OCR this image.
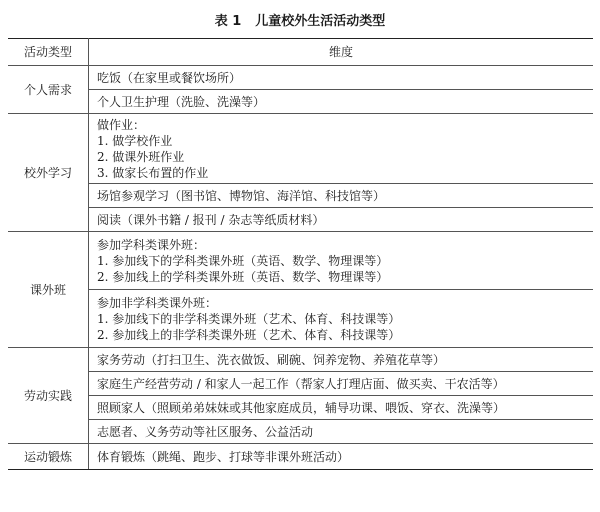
表 1 儿童校外生活活动类型
活动类型	维度
个人需求	吃饭（在家里或餐饮场所）

	个人卫生护理（洗脸、洗澡等）

校外学习	做作业：
1. 做学校作业
2. 做课外班作业
3. 做家长布置的作业

	场馆参观学习（图书馆、博物馆、海洋馆、科技馆等）

	阅读（课外书籍 / 报刊 / 杂志等纸质材料）

课外班	参加学科类课外班：
1. 参加线下的学科类课外班（英语、数学、物理课等）
2. 参加线上的学科类课外班（英语、数学、物理课等）

	参加非学科类课外班：
1. 参加线下的非学科类课外班（艺术、体育、科技课等）
2. 参加线上的非学科类课外班（艺术、体育、科技课等）

劳动实践	家务劳动（打扫卫生、洗衣做饭、刷碗、饲养宠物、养殖花草等）

	家庭生产经营劳动 / 和家人一起工作（帮家人打理店面、做买卖、干农活等）

	照顾家人（照顾弟弟妹妹或其他家庭成员，辅导功课、喂饭、穿衣、洗澡等）

	志愿者、义务劳动等社区服务、公益活动

运动锻炼	体育锻炼（跳绳、跑步、打球等非课外班活动）
